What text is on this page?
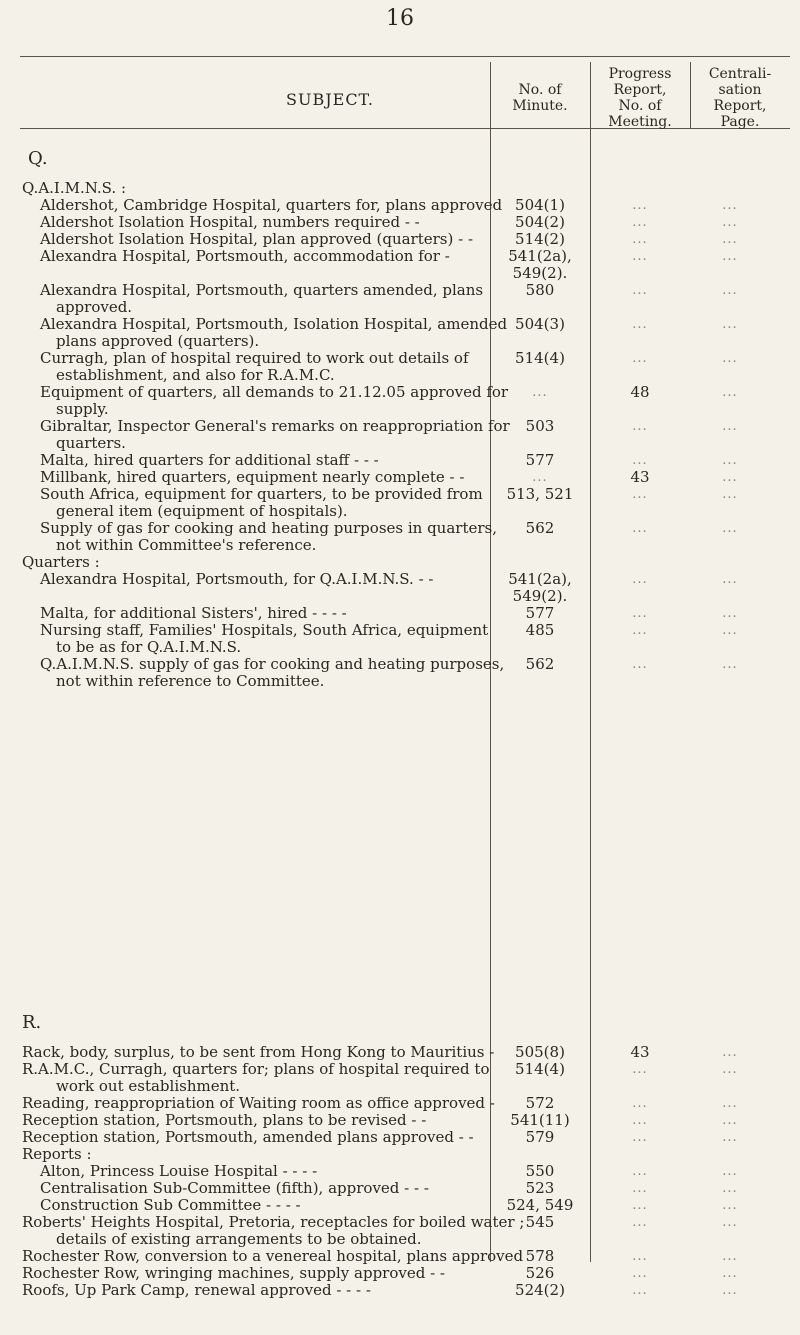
16
SUBJECT.	No. of
Minute.
Progress
Report,
No. of
Meeting.
Centrali-
sation
Report,
Page.
Q.
Q.A.I.M.N.S. :
Aldershot, Cambridge Hospital, quarters for, plans approved 504(1)	...	...
Aldershot Isolation Hospital, numbers required - -	504(2)	...	...
Aldershot Isolation Hospital, plan approved (quarters) - -	514(2)	...	...
Alexandra Hospital, Portsmouth, accommodation for -	541(2a),	...	...
549(2).
Alexandra Hospital, Portsmouth, quarters amended, plans	580	...	...
approved.
Alexandra Hospital, Portsmouth, Isolation Hospital, amended 504(3)	...	...
plans approved (quarters).
Curragh, plan of hospital required to work out details of	514(4)	...	...
establishment, and also for R.A.M.C.
Equipment of quarters, all demands to 21.12.05 approved for	...	48	...
supply.
Gibraltar, Inspector General's remarks on reappropriation for	503	...	...
quarters.
Malta, hired quarters for additional staff - - -	577	...	...
Millbank, hired quarters, equipment nearly complete - -	...	43	...
South Africa, equipment for quarters, to be provided from	513, 521	...	...
general item (equipment of hospitals).
Supply of gas for cooking and heating purposes in quarters,	562	...	...
not within Committee's reference.
Quarters :
Alexandra Hospital, Portsmouth, for Q.A.I.M.N.S. - -	541(2a),	...	...
549(2).
Malta, for additional Sisters', hired - - - -	577	...	...
Nursing staff, Families' Hospitals, South Africa, equipment	485	...	...
to be as for Q.A.I.M.N.S.
Q.A.I.M.N.S. supply of gas for cooking and heating purposes,	562	...	...
not within reference to Committee.
R.
Rack, body, surplus, to be sent from Hong Kong to Mauritius -	505(8)	43	...
R.A.M.C., Curragh, quarters for; plans of hospital required to	514(4)	...	...
work out establishment.
Reading, reappropriation of Waiting room as office approved -	572	...	...
Reception station, Portsmouth, plans to be revised - -	541(11)	...	...
Reception station, Portsmouth, amended plans approved - -	579	...	...
Reports :
Alton, Princess Louise Hospital - - - -	550	...	...
Centralisation Sub-Committee (fifth), approved - - -	523	...	...
Construction Sub Committee - - - -	524, 549	...	...
Roberts' Heights Hospital, Pretoria, receptacles for boiled water ; 545	...	...
details of existing arrangements to be obtained.
Rochester Row, conversion to a venereal hospital, plans approved 578	...	...
Rochester Row, wringing machines, supply approved - -	526	...	...
Roofs, Up Park Camp, renewal approved - - - -	524(2)	...	...
